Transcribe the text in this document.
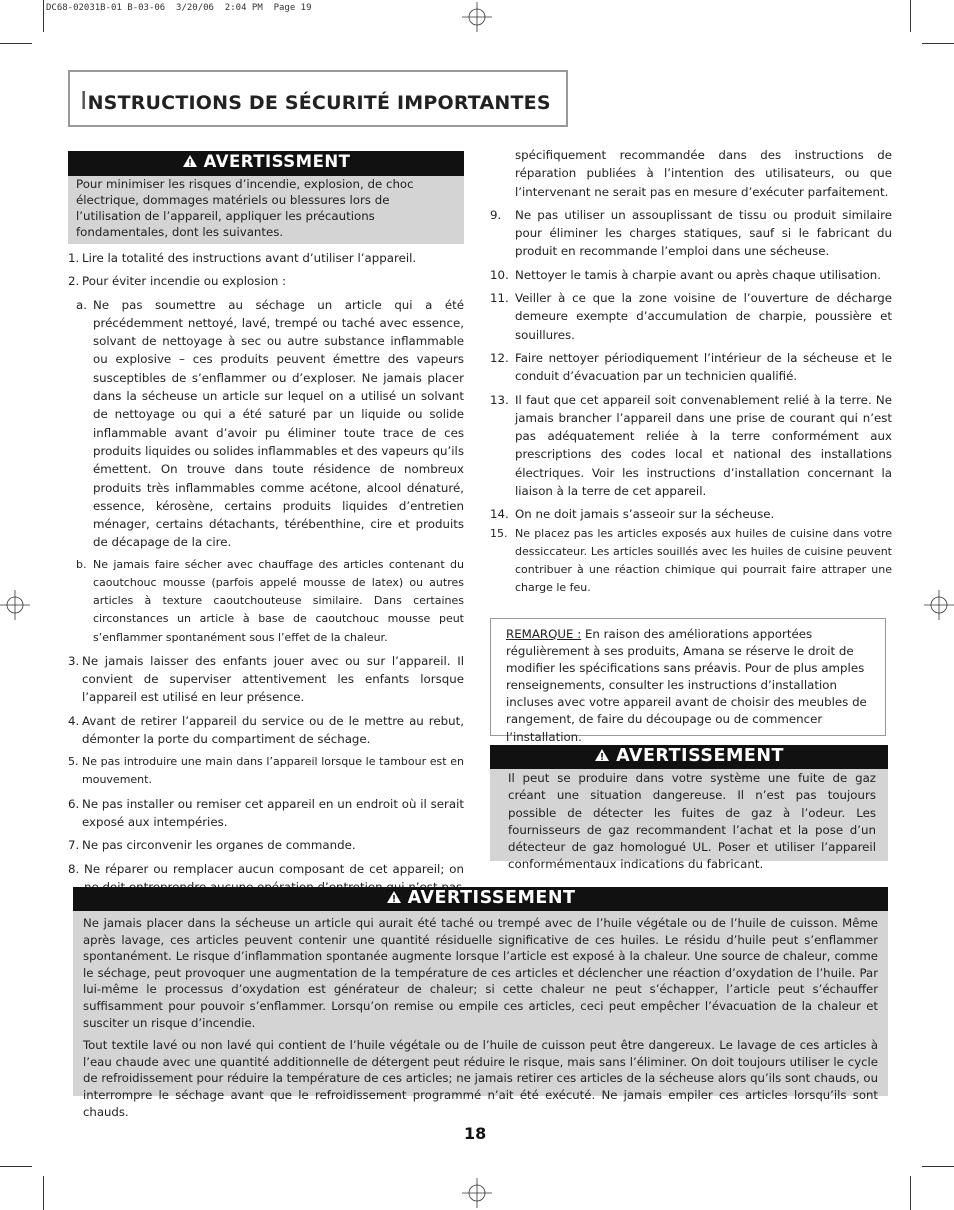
DC68-02031B-01 B-03-06  3/20/06  2:04 PM  Page 19
INSTRUCTIONS DE SÉCURITÉ IMPORTANTES
AVERTISSMENT
Pour minimiser les risques d’incendie, explosion, de choc électrique, dommages matériels ou blessures lors de l’utilisation de l’appareil, appliquer les précautions fondamentales, dont les suivantes.
1. Lire la totalité des instructions avant d’utiliser l’appareil.
2. Pour éviter incendie ou explosion :
a. Ne pas soumettre au séchage un article qui a été précédemment nettoyé, lavé, trempé ou taché avec essence, solvant de nettoyage à sec ou autre substance inflammable ou explosive – ces produits peuvent émettre des vapeurs susceptibles de s’enflammer ou d’exploser. Ne jamais placer dans la sécheuse un article sur lequel on a utilisé un solvant de nettoyage ou qui a été saturé par un liquide ou solide inflammable avant d’avoir pu éliminer toute trace de ces produits liquides ou solides inflammables et des vapeurs qu’ils émettent. On trouve dans toute résidence de nombreux produits très inflammables comme acétone, alcool dénaturé, essence, kérosène, certains produits liquides d’entretien ménager, certains détachants, térébenthine, cire et produits de décapage de la cire.
b. Ne jamais faire sécher avec chauffage des articles contenant du caoutchouc mousse (parfois appelé mousse de latex) ou autres articles à texture caoutchouteuse similaire. Dans certaines circonstances un article à base de caoutchouc mousse peut s’enflammer spontanément sous l’effet de la chaleur.
3. Ne jamais laisser des enfants jouer avec ou sur l’appareil. Il convient de superviser attentivement les enfants lorsque l’appareil est utilisé en leur présence.
4. Avant de retirer l’appareil du service ou de le mettre au rebut, démonter la porte du compartiment de séchage.
5. Ne pas introduire une main dans l’appareil lorsque le tambour est en mouvement.
6. Ne pas installer ou remiser cet appareil en un endroit où il serait exposé aux intempéries.
7. Ne pas circonvenir les organes de commande.
8. Ne réparer ou remplacer aucun composant de cet appareil; on
spécifiquement recommandée dans des instructions de réparation publiées à l’intention des utilisateurs, ou que l’intervenant ne serait pas en mesure d’exécuter parfaitement.
9. Ne pas utiliser un assouplissant de tissu ou produit similaire pour éliminer les charges statiques, sauf si le fabricant du produit en recommande l’emploi dans une sécheuse.
10. Nettoyer le tamis à charpie avant ou après chaque utilisation.
11. Veiller à ce que la zone voisine de l’ouverture de décharge demeure exempte d’accumulation de charpie, poussière et souillures.
12. Faire nettoyer périodiquement l’intérieur de la sécheuse et le conduit d’évacuation par un technicien qualifié.
13. Il faut que cet appareil soit convenablement relié à la terre. Ne jamais brancher l’appareil dans une prise de courant qui n’est pas adéquatement reliée à la terre conformément aux prescriptions des codes local et national des installations électriques. Voir les instructions d’installation concernant la liaison à la terre de cet appareil.
14. On ne doit jamais s’asseoir sur la sécheuse.
15. Ne placez pas les articles exposés aux huiles de cuisine dans votre dessiccateur. Les articles souillés avec les huiles de cuisine peuvent contribuer à une réaction chimique qui pourrait faire attraper une charge le feu.
REMARQUE : En raison des améliorations apportées régulièrement à ses produits, Amana se réserve le droit de modifier les spécifications sans préavis. Pour de plus amples renseignements, consulter les instructions d’installation incluses avec votre appareil avant de choisir des meubles de rangement, de faire du découpage ou de commencer l’installation.
AVERTISSEMENT
Il peut se produire dans votre système une fuite de gaz créant une situation dangereuse. Il n’est pas toujours possible de détecter les fuites de gaz à l’odeur. Les fournisseurs de gaz recommandent l’achat et la pose d’un détecteur de gaz homologué UL. Poser et utiliser l’appareil conformémentaux indications du fabricant.
AVERTISSEMENT

Ne jamais placer dans la sécheuse un article qui aurait été taché ou trempé avec de l’huile végétale ou de l’huile de cuisson. Même après lavage, ces articles peuvent contenir une quantité résiduelle significative de ces huiles. Le résidu d’huile peut s’enflammer spontanément. Le risque d’inflammation spontanée augmente lorsque l’article est exposé à la chaleur. Une source de chaleur, comme le séchage, peut provoquer une augmentation de la température de ces articles et déclencher une réaction d’oxydation de l’huile. Par lui-même le processus d’oxydation est générateur de chaleur; si cette chaleur ne peut s’échapper, l’article peut s’échauffer suffisamment pour pouvoir s’enflammer. Lorsqu’on remise ou empile ces articles, ceci peut empêcher l’évacuation de la chaleur et susciter un risque d’incendie.

Tout textile lavé ou non lavé qui contient de l’huile végétale ou de l’huile de cuisson peut être dangereux. Le lavage de ces articles à l’eau chaude avec une quantité additionnelle de détergent peut réduire le risque, mais sans l’éliminer. On doit toujours utiliser le cycle de refroidissement pour réduire la température de ces articles; ne jamais retirer ces articles de la sécheuse alors qu’ils sont chauds, ou interrompre le séchage avant que le refroidissement programmé n’ait été exécuté. Ne jamais empiler ces articles lorsqu’ils sont chauds.

18
